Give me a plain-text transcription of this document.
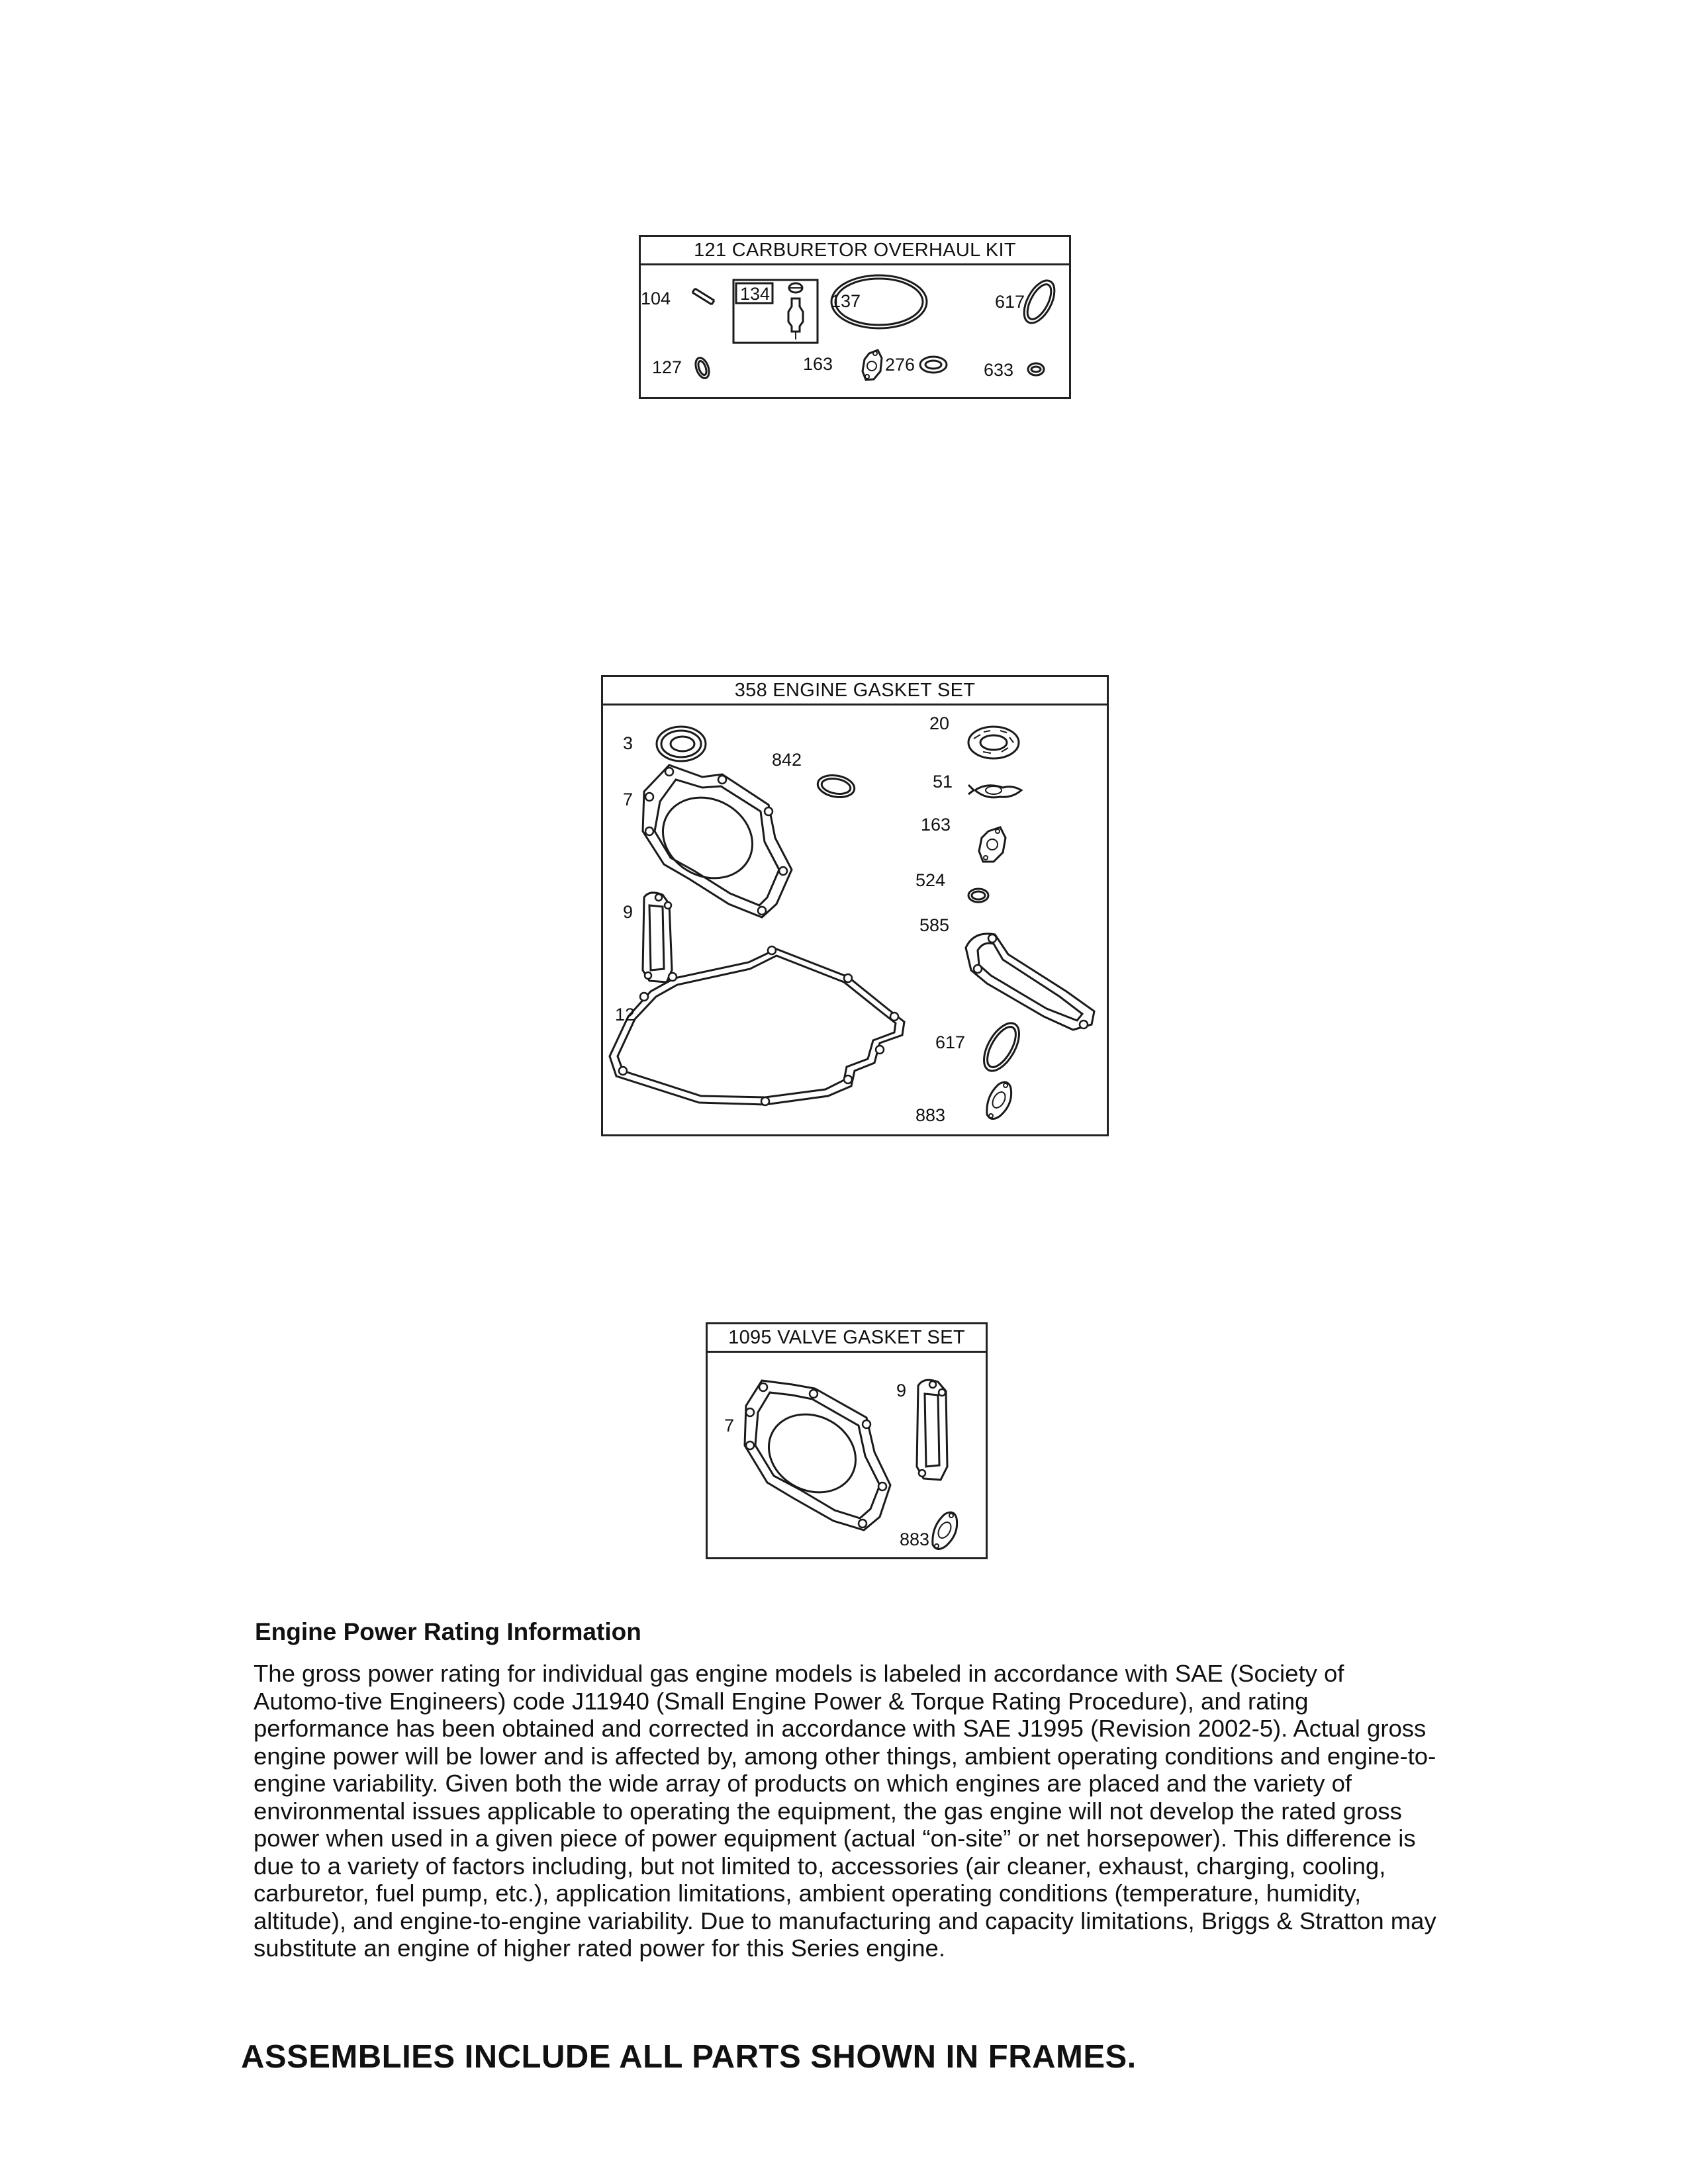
121 CARBURETOR OVERHAUL KIT
104	134	137	617
127	163	276	633
358 ENGINE GASKET SET
3
7
9
12
842
20
51
163
524
585
617
883
1095 VALVE GASKET SET
7
9
883
Engine Power Rating Information

The gross power rating for individual gas engine models is labeled in accordance with SAE (Society of Automo-tive Engineers) code J11940 (Small Engine Power & Torque Rating Procedure), and rating performance has been obtained and corrected in accordance with SAE J1995 (Revision 2002-5). Actual gross engine power will be lower and is affected by, among other things, ambient operating conditions and engine-to-engine variability. Given both the wide array of products on which engines are placed and the variety of environmental issues applicable to operating the equipment, the gas engine will not develop the rated gross power when used in a given piece of power equipment (actual “on-site” or net horsepower). This difference is due to a variety of factors including, but not limited to, accessories (air cleaner, exhaust, charging, cooling, carburetor, fuel pump, etc.), application limitations, ambient operating conditions (temperature, humidity, altitude), and engine-to-engine variability. Due to manufacturing and capacity limitations, Briggs & Stratton may substitute an engine of higher rated power for this Series engine.

ASSEMBLIES INCLUDE ALL PARTS SHOWN IN FRAMES.
